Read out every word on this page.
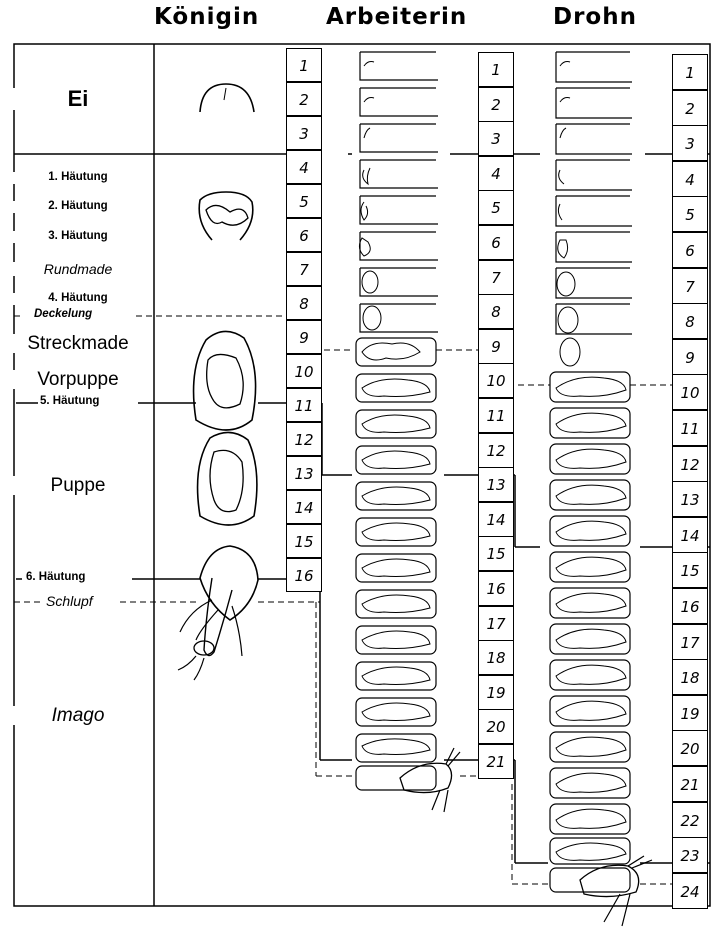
Königin	Arbeiterin	Drohn
Ei
1. Häutung
2. Häutung
3. Häutung
Rundmade
4. Häutung
Deckelung
Streckmade
Vorpuppe
5. Häutung
Puppe
6. Häutung
Schlupf
Imago
1
2
3
4
5
6
7
8
9
10
11
12
13
14
15
16
1
2
3
4
5
6
7
8
9
10
11
12
13
14
15
16
17
18
19
20
21
1
2
3
4
5
6
7
8
9
10
11
12
13
14
15
16
17
18
19
20
21
22
23
24
